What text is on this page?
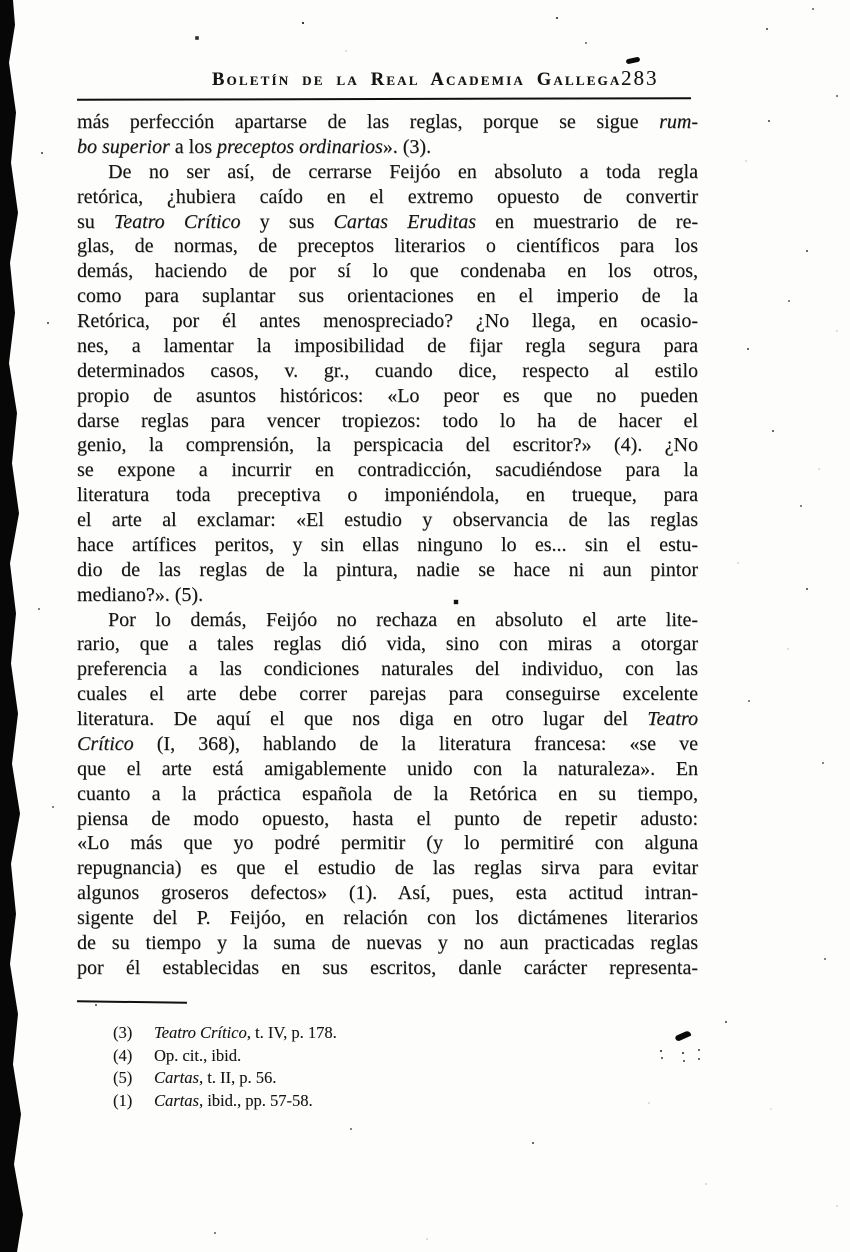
Boletín de la Real Academia Gallega 283
más perfección apartarse de las reglas, porque se sigue rum-
bo superior a los preceptos ordinarios». (3).
De no ser así, de cerrarse Feijóo en absoluto a toda regla
retórica, ¿hubiera caído en el extremo opuesto de convertir
su Teatro Crítico y sus Cartas Eruditas en muestrario de re-
glas, de normas, de preceptos literarios o científicos para los
demás, haciendo de por sí lo que condenaba en los otros,
como para suplantar sus orientaciones en el imperio de la
Retórica, por él antes menospreciado? ¿No llega, en ocasio-
nes, a lamentar la imposibilidad de fijar regla segura para
determinados casos, v. gr., cuando dice, respecto al estilo
propio de asuntos históricos: «Lo peor es que no pueden
darse reglas para vencer tropiezos: todo lo ha de hacer el
genio, la comprensión, la perspicacia del escritor?» (4). ¿No
se expone a incurrir en contradicción, sacudiéndose para la
literatura toda preceptiva o imponiéndola, en trueque, para
el arte al exclamar: «El estudio y observancia de las reglas
hace artífices peritos, y sin ellas ninguno lo es... sin el estu-
dio de las reglas de la pintura, nadie se hace ni aun pintor
mediano?». (5).
Por lo demás, Feijóo no rechaza en absoluto el arte lite-
rario, que a tales reglas dió vida, sino con miras a otorgar
preferencia a las condiciones naturales del individuo, con las
cuales el arte debe correr parejas para conseguirse excelente
literatura. De aquí el que nos diga en otro lugar del Teatro
Crítico (I, 368), hablando de la literatura francesa: «se ve
que el arte está amigablemente unido con la naturaleza». En
cuanto a la práctica española de la Retórica en su tiempo,
piensa de modo opuesto, hasta el punto de repetir adusto:
«Lo más que yo podré permitir (y lo permitiré con alguna
repugnancia) es que el estudio de las reglas sirva para evitar
algunos groseros defectos» (1). Así, pues, esta actitud intran-
sigente del P. Feijóo, en relación con los dictámenes literarios
de su tiempo y la suma de nuevas y no aun practicadas reglas
por él establecidas en sus escritos, danle carácter representa-
(3) Teatro Crítico, t. IV, p. 178.
(4) Op. cit., ibid.
(5) Cartas, t. II, p. 56.
(1) Cartas, ibid., pp. 57-58.
